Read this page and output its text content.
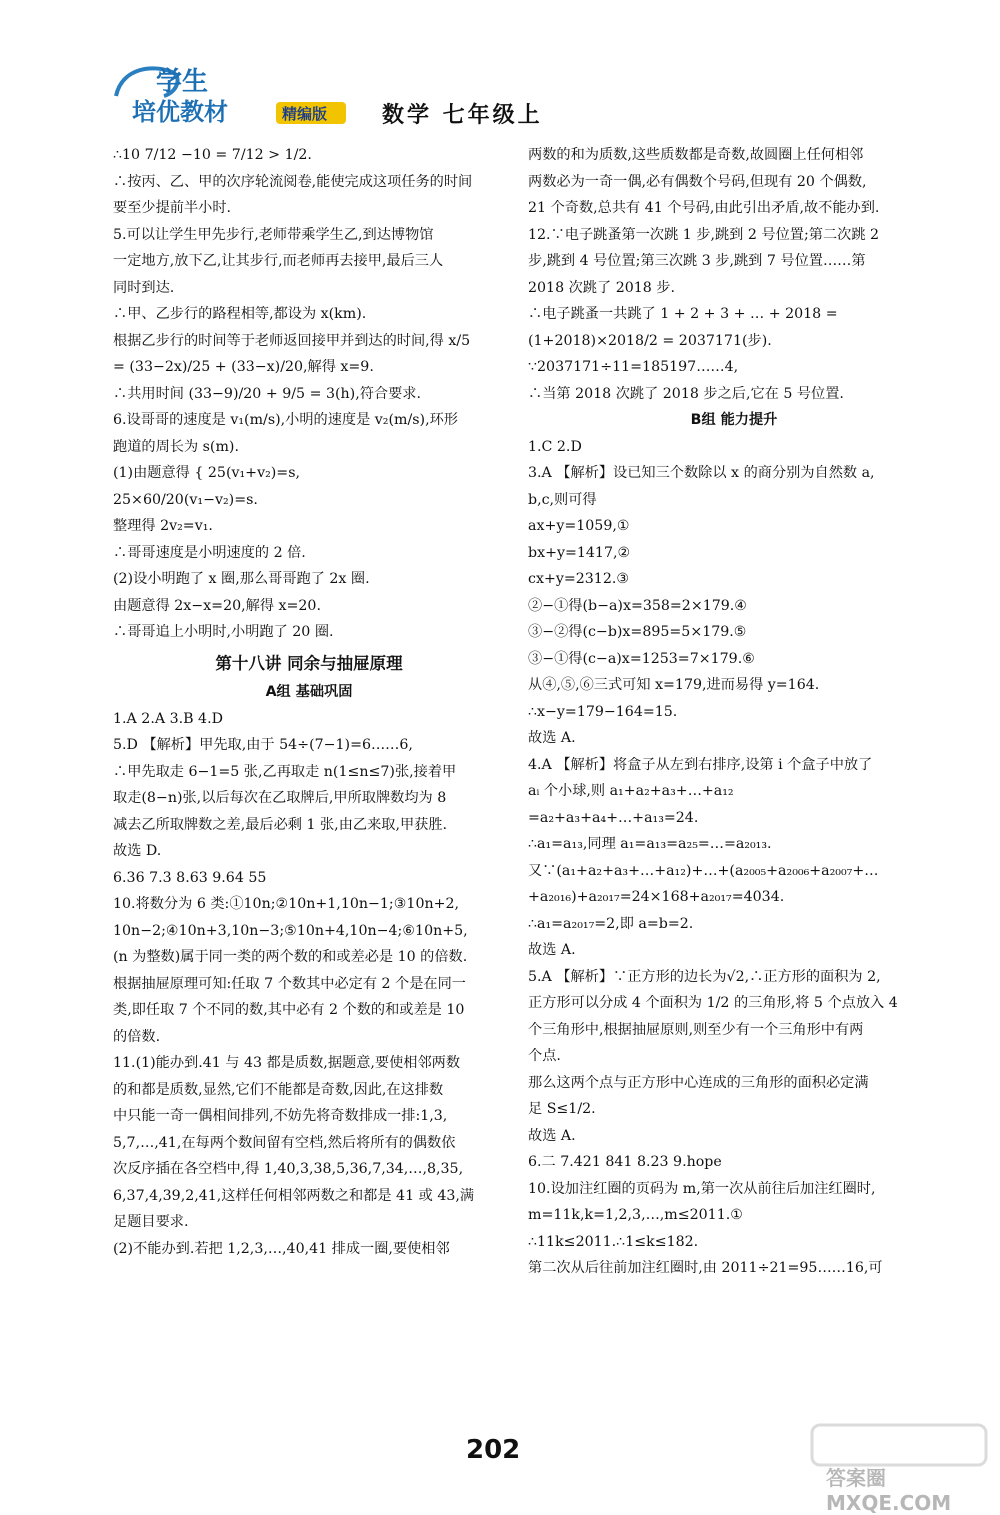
学生
培优教材	精编版 数学 七年级上
∴10 7/12 −10 = 7/12 > 1/2.
∴按丙、乙、甲的次序轮流阅卷,能使完成这项任务的时间
要至少提前半小时.
5.可以让学生甲先步行,老师带乘学生乙,到达博物馆
一定地方,放下乙,让其步行,而老师再去接甲,最后三人
同时到达.
∴甲、乙步行的路程相等,都设为 x(km).
根据乙步行的时间等于老师返回接甲并到达的时间,得 x/5
= (33−2x)/25 + (33−x)/20,解得 x=9.
∴共用时间 (33−9)/20 + 9/5 = 3(h),符合要求.
6.设哥哥的速度是 v₁(m/s),小明的速度是 v₂(m/s),环形
跑道的周长为 s(m).
(1)由题意得 { 25(v₁+v₂)=s,
25×60/20(v₁−v₂)=s.
整理得 2v₂=v₁.
∴哥哥速度是小明速度的 2 倍.
(2)设小明跑了 x 圈,那么哥哥跑了 2x 圈.
由题意得 2x−x=20,解得 x=20.
∴哥哥追上小明时,小明跑了 20 圈.
第十八讲 同余与抽屉原理
A组 基础巩固
1.A 2.A 3.B 4.D
5.D 【解析】甲先取,由于 54÷(7−1)=6……6,
∴甲先取走 6−1=5 张,乙再取走 n(1≤n≤7)张,接着甲
取走(8−n)张,以后每次在乙取牌后,甲所取牌数均为 8
减去乙所取牌数之差,最后必剩 1 张,由乙来取,甲获胜.
故选 D.
6.36 7.3 8.63 9.64 55
10.将数分为 6 类:①10n;②10n+1,10n−1;③10n+2,
10n−2;④10n+3,10n−3;⑤10n+4,10n−4;⑥10n+5,
(n 为整数)属于同一类的两个数的和或差必是 10 的倍数.
根据抽屉原理可知:任取 7 个数其中必定有 2 个是在同一
类,即任取 7 个不同的数,其中必有 2 个数的和或差是 10
的倍数.
11.(1)能办到.41 与 43 都是质数,据题意,要使相邻两数
的和都是质数,显然,它们不能都是奇数,因此,在这排数
中只能一奇一偶相间排列,不妨先将奇数排成一排:1,3,
5,7,…,41,在每两个数间留有空档,然后将所有的偶数依
次反序插在各空档中,得 1,40,3,38,5,36,7,34,…,8,35,
6,37,4,39,2,41,这样任何相邻两数之和都是 41 或 43,满
足题目要求.
(2)不能办到.若把 1,2,3,…,40,41 排成一圈,要使相邻
两数的和为质数,这些质数都是奇数,故圆圈上任何相邻
两数必为一奇一偶,必有偶数个号码,但现有 20 个偶数,
21 个奇数,总共有 41 个号码,由此引出矛盾,故不能办到.
12.∵电子跳蚤第一次跳 1 步,跳到 2 号位置;第二次跳 2
步,跳到 4 号位置;第三次跳 3 步,跳到 7 号位置……第
2018 次跳了 2018 步.
∴电子跳蚤一共跳了 1 + 2 + 3 + … + 2018 =
(1+2018)×2018/2 = 2037171(步).
∵2037171÷11=185197……4,
∴当第 2018 次跳了 2018 步之后,它在 5 号位置.
B组 能力提升
1.C 2.D
3.A 【解析】设已知三个数除以 x 的商分别为自然数 a,
b,c,则可得
ax+y=1059,①
bx+y=1417,②
cx+y=2312.③
②−①得(b−a)x=358=2×179.④
③−②得(c−b)x=895=5×179.⑤
③−①得(c−a)x=1253=7×179.⑥
从④,⑤,⑥三式可知 x=179,进而易得 y=164.
∴x−y=179−164=15.
故选 A.
4.A 【解析】将盒子从左到右排序,设第 i 个盒子中放了
aᵢ 个小球,则 a₁+a₂+a₃+…+a₁₂
=a₂+a₃+a₄+…+a₁₃=24.
∴a₁=a₁₃,同理 a₁=a₁₃=a₂₅=…=a₂₀₁₃.
又∵(a₁+a₂+a₃+…+a₁₂)+…+(a₂₀₀₅+a₂₀₀₆+a₂₀₀₇+…
+a₂₀₁₆)+a₂₀₁₇=24×168+a₂₀₁₇=4034.
∴a₁=a₂₀₁₇=2,即 a=b=2.
故选 A.
5.A 【解析】∵正方形的边长为√2,∴正方形的面积为 2,
正方形可以分成 4 个面积为 1/2 的三角形,将 5 个点放入 4
个三角形中,根据抽屉原则,则至少有一个三角形中有两
个点.
那么这两个点与正方形中心连成的三角形的面积必定满
足 S≤1/2.
故选 A.
6.二 7.421 841 8.23 9.hope
10.设加注红圈的页码为 m,第一次从前往后加注红圈时,
m=11k,k=1,2,3,…,m≤2011.①
∴11k≤2011.∴1≤k≤182.
第二次从后往前加注红圈时,由 2011÷21=95……16,可
202
答案圈 MXQE.COM
